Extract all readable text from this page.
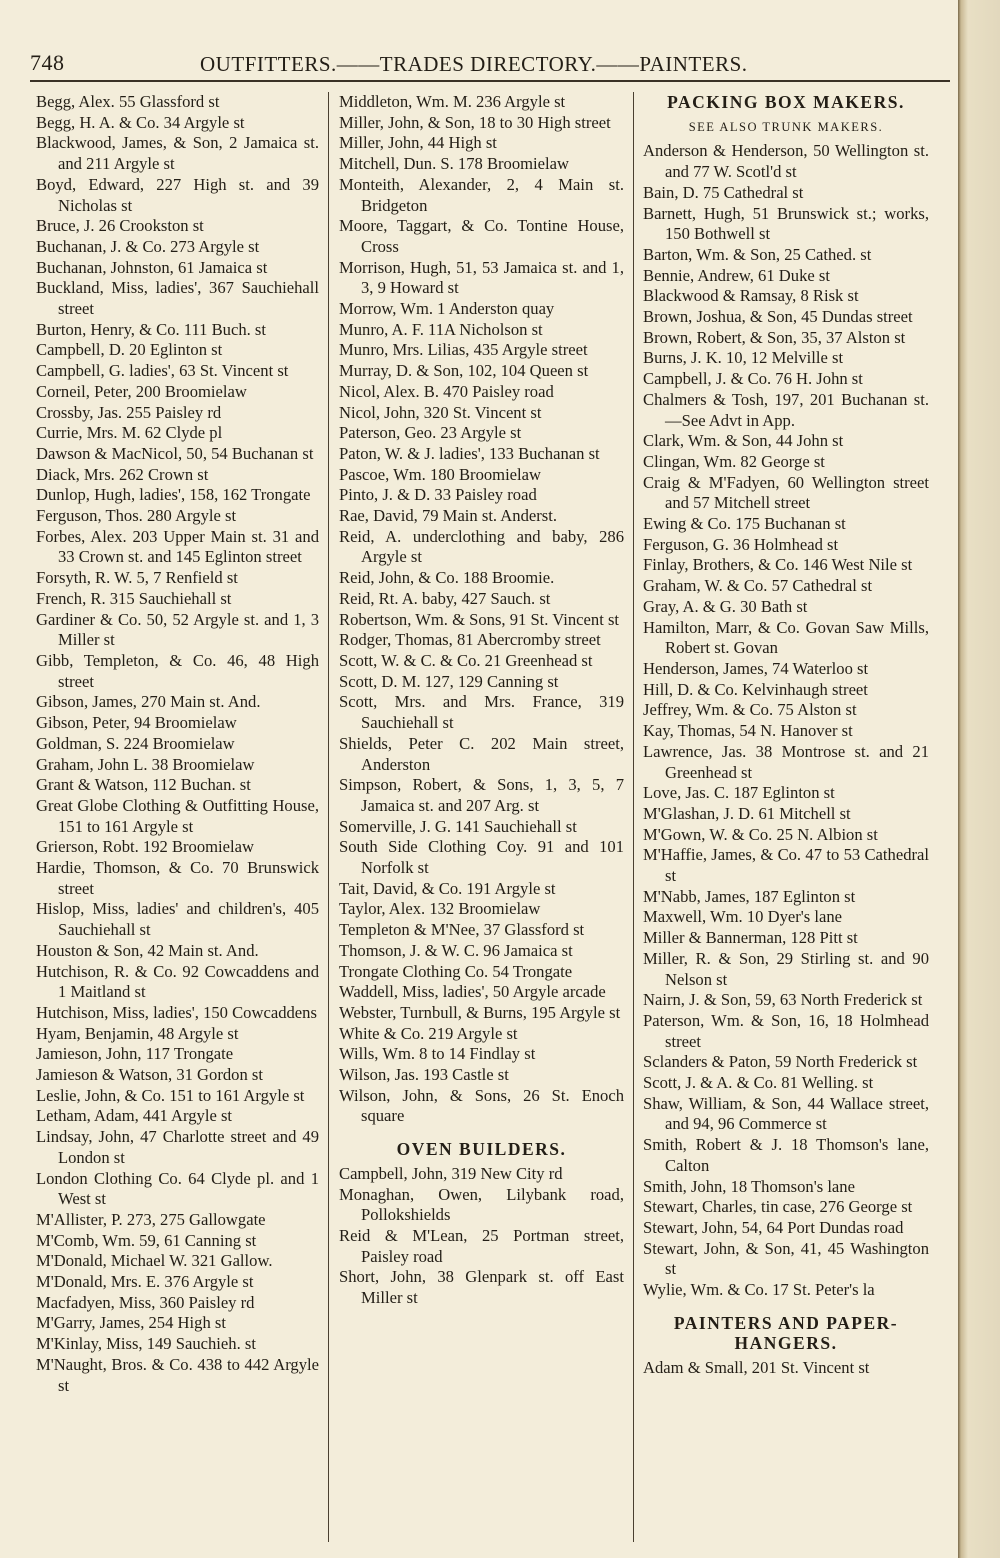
748	OUTFITTERS.——TRADES DIRECTORY.——PAINTERS.
Begg, Alex. 55 Glassford st
Begg, H. A. & Co. 34 Argyle st
Blackwood, James, & Son, 2 Jamaica st. and 211 Argyle st
Boyd, Edward, 227 High st. and 39 Nicholas st
Bruce, J. 26 Crookston st
Buchanan, J. & Co. 273 Argyle st
Buchanan, Johnston, 61 Jamaica st
Buckland, Miss, ladies', 367 Sauchiehall street
Burton, Henry, & Co. 111 Buch. st
Campbell, D. 20 Eglinton st
Campbell, G. ladies', 63 St. Vincent st
Corneil, Peter, 200 Broomielaw
Crossby, Jas. 255 Paisley rd
Currie, Mrs. M. 62 Clyde pl
Dawson & MacNicol, 50, 54 Buchanan st
Diack, Mrs. 262 Crown st
Dunlop, Hugh, ladies', 158, 162 Trongate
Ferguson, Thos. 280 Argyle st
Forbes, Alex. 203 Upper Main st. 31 and 33 Crown st. and 145 Eglinton street
Forsyth, R. W. 5, 7 Renfield st
French, R. 315 Sauchiehall st
Gardiner & Co. 50, 52 Argyle st. and 1, 3 Miller st
Gibb, Templeton, & Co. 46, 48 High street
Gibson, James, 270 Main st. And.
Gibson, Peter, 94 Broomielaw
Goldman, S. 224 Broomielaw
Graham, John L. 38 Broomielaw
Grant & Watson, 112 Buchan. st
Great Globe Clothing & Outfitting House, 151 to 161 Argyle st
Grierson, Robt. 192 Broomielaw
Hardie, Thomson, & Co. 70 Brunswick street
Hislop, Miss, ladies' and children's, 405 Sauchiehall st
Houston & Son, 42 Main st. And.
Hutchison, R. & Co. 92 Cowcaddens and 1 Maitland st
Hutchison, Miss, ladies', 150 Cowcaddens
Hyam, Benjamin, 48 Argyle st
Jamieson, John, 117 Trongate
Jamieson & Watson, 31 Gordon st
Leslie, John, & Co. 151 to 161 Argyle st
Letham, Adam, 441 Argyle st
Lindsay, John, 47 Charlotte street and 49 London st
London Clothing Co. 64 Clyde pl. and 1 West st
M'Allister, P. 273, 275 Gallowgate
M'Comb, Wm. 59, 61 Canning st
M'Donald, Michael W. 321 Gallow.
M'Donald, Mrs. E. 376 Argyle st
Macfadyen, Miss, 360 Paisley rd
M'Garry, James, 254 High st
M'Kinlay, Miss, 149 Sauchieh. st
M'Naught, Bros. & Co. 438 to 442 Argyle st
Middleton, Wm. M. 236 Argyle st
Miller, John, & Son, 18 to 30 High street
Miller, John, 44 High st
Mitchell, Dun. S. 178 Broomielaw
Monteith, Alexander, 2, 4 Main st. Bridgeton
Moore, Taggart, & Co. Tontine House, Cross
Morrison, Hugh, 51, 53 Jamaica st. and 1, 3, 9 Howard st
Morrow, Wm. 1 Anderston quay
Munro, A. F. 11A Nicholson st
Munro, Mrs. Lilias, 435 Argyle street
Murray, D. & Son, 102, 104 Queen st
Nicol, Alex. B. 470 Paisley road
Nicol, John, 320 St. Vincent st
Paterson, Geo. 23 Argyle st
Paton, W. & J. ladies', 133 Buchanan st
Pascoe, Wm. 180 Broomielaw
Pinto, J. & D. 33 Paisley road
Rae, David, 79 Main st. Anderst.
Reid, A. underclothing and baby, 286 Argyle st
Reid, John, & Co. 188 Broomie.
Reid, Rt. A. baby, 427 Sauch. st
Robertson, Wm. & Sons, 91 St. Vincent st
Rodger, Thomas, 81 Abercromby street
Scott, W. & C. & Co. 21 Greenhead st
Scott, D. M. 127, 129 Canning st
Scott, Mrs. and Mrs. France, 319 Sauchiehall st
Shields, Peter C. 202 Main street, Anderston
Simpson, Robert, & Sons, 1, 3, 5, 7 Jamaica st. and 207 Arg. st
Somerville, J. G. 141 Sauchiehall st
South Side Clothing Coy. 91 and 101 Norfolk st
Tait, David, & Co. 191 Argyle st
Taylor, Alex. 132 Broomielaw
Templeton & M'Nee, 37 Glassford st
Thomson, J. & W. C. 96 Jamaica st
Trongate Clothing Co. 54 Trongate
Waddell, Miss, ladies', 50 Argyle arcade
Webster, Turnbull, & Burns, 195 Argyle st
White & Co. 219 Argyle st
Wills, Wm. 8 to 14 Findlay st
Wilson, Jas. 193 Castle st
Wilson, John, & Sons, 26 St. Enoch square
OVEN BUILDERS.
Campbell, John, 319 New City rd
Monaghan, Owen, Lilybank road, Pollokshields
Reid & M'Lean, 25 Portman street, Paisley road
Short, John, 38 Glenpark st. off East Miller st
PACKING BOX MAKERS.
SEE ALSO TRUNK MAKERS.
Anderson & Henderson, 50 Wellington st. and 77 W. Scotl'd st
Bain, D. 75 Cathedral st
Barnett, Hugh, 51 Brunswick st.; works, 150 Bothwell st
Barton, Wm. & Son, 25 Cathed. st
Bennie, Andrew, 61 Duke st
Blackwood & Ramsay, 8 Risk st
Brown, Joshua, & Son, 45 Dundas street
Brown, Robert, & Son, 35, 37 Alston st
Burns, J. K. 10, 12 Melville st
Campbell, J. & Co. 76 H. John st
Chalmers & Tosh, 197, 201 Buchanan st.—See Advt in App.
Clark, Wm. & Son, 44 John st
Clingan, Wm. 82 George st
Craig & M'Fadyen, 60 Wellington street and 57 Mitchell street
Ewing & Co. 175 Buchanan st
Ferguson, G. 36 Holmhead st
Finlay, Brothers, & Co. 146 West Nile st
Graham, W. & Co. 57 Cathedral st
Gray, A. & G. 30 Bath st
Hamilton, Marr, & Co. Govan Saw Mills, Robert st. Govan
Henderson, James, 74 Waterloo st
Hill, D. & Co. Kelvinhaugh street
Jeffrey, Wm. & Co. 75 Alston st
Kay, Thomas, 54 N. Hanover st
Lawrence, Jas. 38 Montrose st. and 21 Greenhead st
Love, Jas. C. 187 Eglinton st
M'Glashan, J. D. 61 Mitchell st
M'Gown, W. & Co. 25 N. Albion st
M'Haffie, James, & Co. 47 to 53 Cathedral st
M'Nabb, James, 187 Eglinton st
Maxwell, Wm. 10 Dyer's lane
Miller & Bannerman, 128 Pitt st
Miller, R. & Son, 29 Stirling st. and 90 Nelson st
Nairn, J. & Son, 59, 63 North Frederick st
Paterson, Wm. & Son, 16, 18 Holmhead street
Sclanders & Paton, 59 North Frederick st
Scott, J. & A. & Co. 81 Welling. st
Shaw, William, & Son, 44 Wallace street, and 94, 96 Commerce st
Smith, Robert & J. 18 Thomson's lane, Calton
Smith, John, 18 Thomson's lane
Stewart, Charles, tin case, 276 George st
Stewart, John, 54, 64 Port Dundas road
Stewart, John, & Son, 41, 45 Washington st
Wylie, Wm. & Co. 17 St. Peter's la
PAINTERS AND PAPER-HANGERS.
Adam & Small, 201 St. Vincent st
